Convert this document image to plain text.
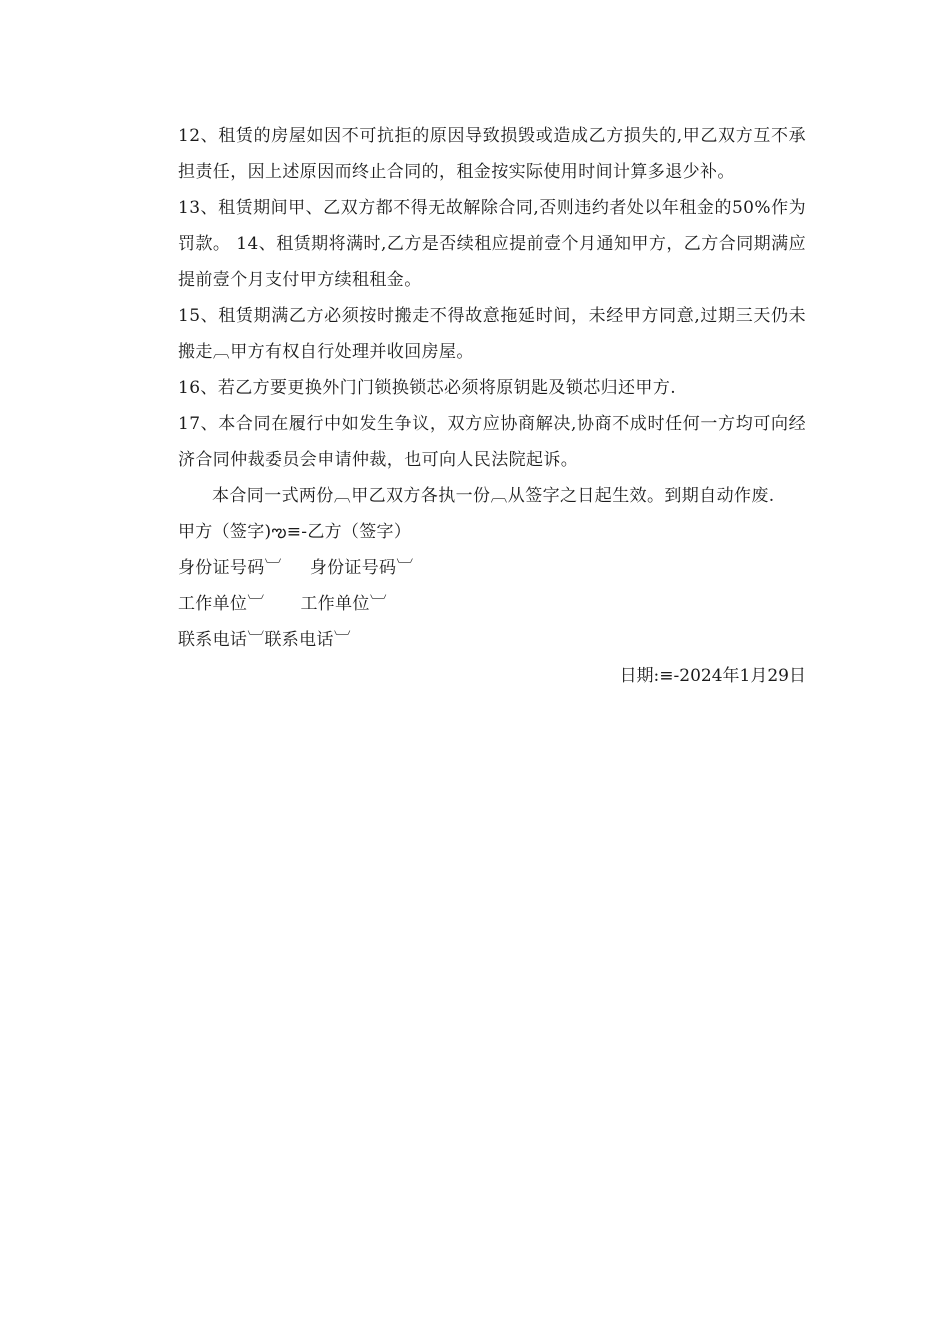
12、租赁的房屋如因不可抗拒的原因导致损毁或造成乙方损失的,甲乙双方互不承担责任，因上述原因而终止合同的，租金按实际使用时间计算多退少补。

13、租赁期间甲、乙双方都不得无故解除合同,否则违约者处以年租金的50%作为罚款。 14、租赁期将满时,乙方是否续租应提前壹个月通知甲方，乙方合同期满应提前壹个月支付甲方续租租金。

15、租赁期满乙方必须按时搬走不得故意拖延时间，未经甲方同意,过期三天仍未搬走︹甲方有权自行处理并收回房屋。

16、若乙方要更换外门门锁换锁芯必须将原钥匙及锁芯归还甲方.

17、本合同在履行中如发生争议，双方应协商解决,协商不成时任何一方均可向经济合同仲裁委员会申请仲裁，也可向人民法院起诉。

本合同一式两份︹甲乙双方各执一份︹从签字之日起生效。到期自动作废.

甲方（签字)ఌ≡-乙方（签字）
身份证号码︺ 身份证号码︺
工作单位︺ 工作单位︺
联系电话︺联系电话︺
日期:≡-2024年1月29日
